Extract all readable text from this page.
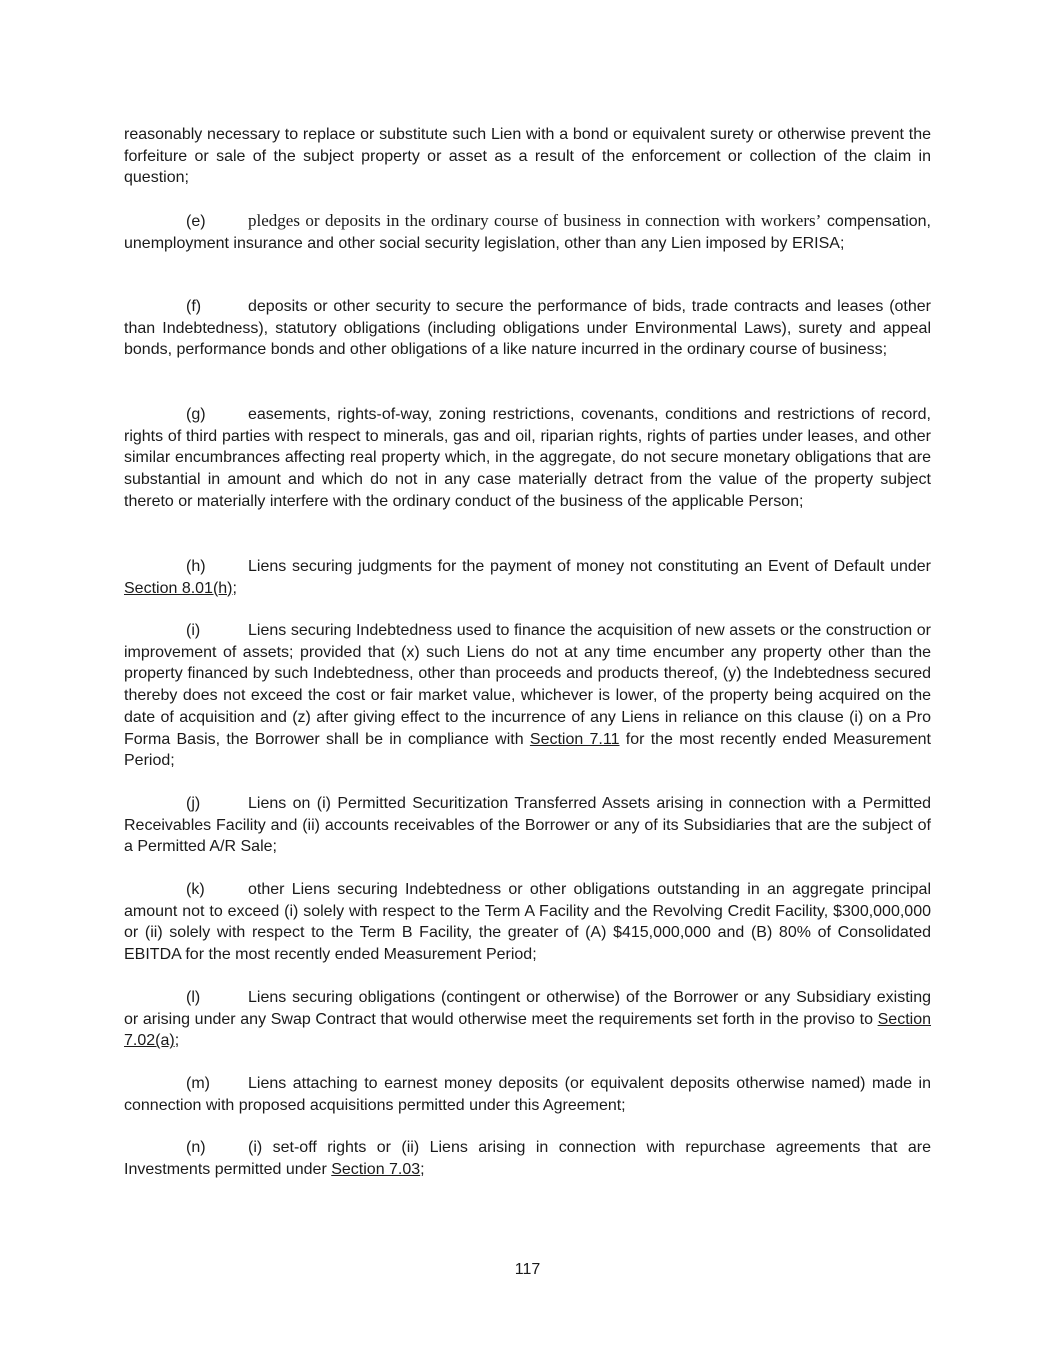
reasonably necessary to replace or substitute such Lien with a bond or equivalent surety or otherwise prevent the forfeiture or sale of the subject property or asset as a result of the enforcement or collection of the claim in question;

(e) pledges or deposits in the ordinary course of business in connection with workers’ compensation, unemployment insurance and other social security legislation, other than any Lien imposed by ERISA;

(f)	deposits or other security to secure the performance of bids, trade contracts and leases (other than Indebtedness), statutory obligations (including obligations under Environmental Laws), surety and appeal bonds, performance bonds and other obligations of a like nature incurred in the ordinary course of business;

(g)	easements, rights-of-way, zoning restrictions, covenants, conditions and restrictions of record, rights of third parties with respect to minerals, gas and oil, riparian rights, rights of parties under leases, and other similar encumbrances affecting real property which, in the aggregate, do not secure monetary obligations that are substantial in amount and which do not in any case materially detract from the value of the property subject thereto or materially interfere with the ordinary conduct of the business of the applicable Person;

(h)	Liens securing judgments for the payment of money not constituting an Event of Default under Section 8.01(h);

(i)	Liens securing Indebtedness used to finance the acquisition of new assets or the construction or improvement of assets; provided that (x) such Liens do not at any time encumber any property other than the property financed by such Indebtedness, other than proceeds and products thereof, (y) the Indebtedness secured thereby does not exceed the cost or fair market value, whichever is lower, of the property being acquired on the date of acquisition and (z) after giving effect to the incurrence of any Liens in reliance on this clause (i) on a Pro Forma Basis, the Borrower shall be in compliance with Section 7.11 for the most recently ended Measurement Period;

(j)	Liens on (i) Permitted Securitization Transferred Assets arising in connection with a Permitted Receivables Facility and (ii) accounts receivables of the Borrower or any of its Subsidiaries that are the subject of a Permitted A/R Sale;

(k)	other Liens securing Indebtedness or other obligations outstanding in an aggregate principal amount not to exceed (i) solely with respect to the Term A Facility and the Revolving Credit Facility, $300,000,000 or (ii) solely with respect to the Term B Facility, the greater of (A) $415,000,000 and (B) 80% of Consolidated EBITDA for the most recently ended Measurement Period;

(l)	Liens securing obligations (contingent or otherwise) of the Borrower or any Subsidiary existing or arising under any Swap Contract that would otherwise meet the requirements set forth in the proviso to Section 7.02(a);

(m) Liens attaching to earnest money deposits (or equivalent deposits otherwise named) made in connection with proposed acquisitions permitted under this Agreement;

(n)	(i) set-off rights or (ii) Liens arising in connection with repurchase agreements that are Investments permitted under Section 7.03;

117
